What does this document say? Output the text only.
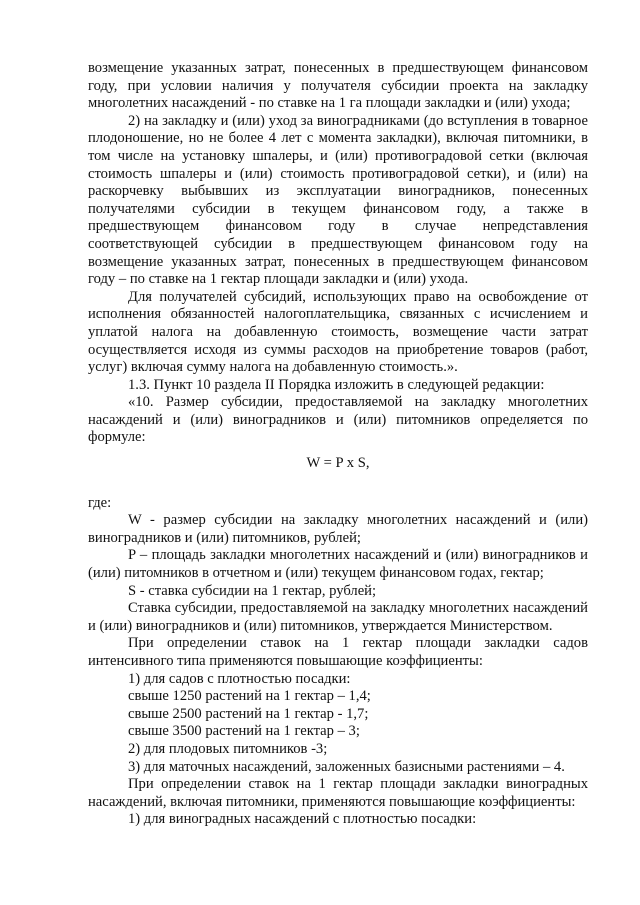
возмещение указанных затрат, понесенных в предшествующем финансовом году, при условии наличия у получателя субсидии проекта на закладку многолетних насаждений - по ставке на 1 га площади закладки и (или) ухода;

2) на закладку и (или) уход за виноградниками (до вступления в товарное плодоношение, но не более 4 лет с момента закладки), включая питомники, в том числе на установку шпалеры, и (или) противоградовой сетки (включая стоимость шпалеры и (или) стоимость противоградовой сетки), и (или) на раскорчевку выбывших из эксплуатации виноградников, понесенных получателями субсидии в текущем финансовом году, а также в предшествующем финансовом году в случае непредставления соответствующей субсидии в предшествующем финансовом году на возмещение указанных затрат, понесенных в предшествующем финансовом году – по ставке на 1 гектар площади закладки и (или) ухода.

Для получателей субсидий, использующих право на освобождение от исполнения обязанностей налогоплательщика, связанных с исчислением и уплатой налога на добавленную стоимость, возмещение части затрат осуществляется исходя из суммы расходов на приобретение товаров (работ, услуг) включая сумму налога на добавленную стоимость.».

1.3. Пункт 10 раздела II Порядка изложить в следующей редакции:

«10. Размер субсидии, предоставляемой на закладку многолетних насаждений и (или) виноградников и (или) питомников определяется по формуле:

W = P x S,

где:

W - размер субсидии на закладку многолетних насаждений и (или) виноградников и (или) питомников, рублей;

P – площадь закладки многолетних насаждений и (или) виноградников и (или) питомников в отчетном и (или) текущем финансовом годах, гектар;

S - ставка субсидии на 1 гектар, рублей;

Ставка субсидии, предоставляемой на закладку многолетних насаждений и (или) виноградников и (или) питомников, утверждается Министерством.

При определении ставок на 1 гектар площади закладки садов интенсивного типа применяются повышающие коэффициенты:

1) для садов с плотностью посадки:

свыше 1250 растений на 1 гектар – 1,4;

свыше 2500 растений на 1 гектар - 1,7;

свыше 3500 растений на 1 гектар – 3;

2) для плодовых питомников -3;

3) для маточных насаждений, заложенных базисными растениями – 4.

При определении ставок на 1 гектар площади закладки виноградных насаждений, включая питомники, применяются повышающие коэффициенты:

1) для виноградных насаждений с плотностью посадки:
